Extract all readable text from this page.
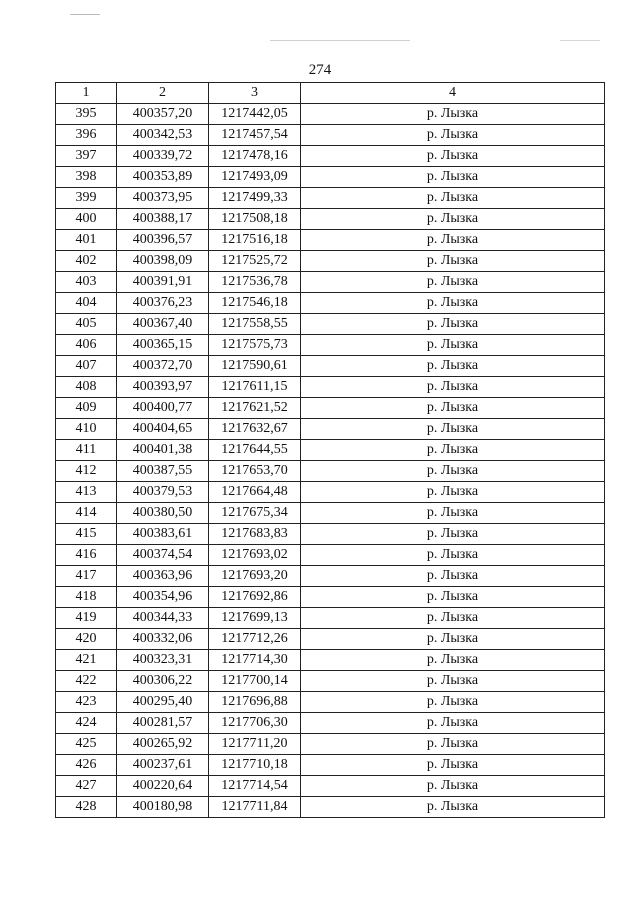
274
1	2	3	4
395	400357,20	1217442,05	р. Лызка
396	400342,53	1217457,54	р. Лызка
397	400339,72	1217478,16	р. Лызка
398	400353,89	1217493,09	р. Лызка
399	400373,95	1217499,33	р. Лызка
400	400388,17	1217508,18	р. Лызка
401	400396,57	1217516,18	р. Лызка
402	400398,09	1217525,72	р. Лызка
403	400391,91	1217536,78	р. Лызка
404	400376,23	1217546,18	р. Лызка
405	400367,40	1217558,55	р. Лызка
406	400365,15	1217575,73	р. Лызка
407	400372,70	1217590,61	р. Лызка
408	400393,97	1217611,15	р. Лызка
409	400400,77	1217621,52	р. Лызка
410	400404,65	1217632,67	р. Лызка
411	400401,38	1217644,55	р. Лызка
412	400387,55	1217653,70	р. Лызка
413	400379,53	1217664,48	р. Лызка
414	400380,50	1217675,34	р. Лызка
415	400383,61	1217683,83	р. Лызка
416	400374,54	1217693,02	р. Лызка
417	400363,96	1217693,20	р. Лызка
418	400354,96	1217692,86	р. Лызка
419	400344,33	1217699,13	р. Лызка
420	400332,06	1217712,26	р. Лызка
421	400323,31	1217714,30	р. Лызка
422	400306,22	1217700,14	р. Лызка
423	400295,40	1217696,88	р. Лызка
424	400281,57	1217706,30	р. Лызка
425	400265,92	1217711,20	р. Лызка
426	400237,61	1217710,18	р. Лызка
427	400220,64	1217714,54	р. Лызка
428	400180,98	1217711,84	р. Лызка
